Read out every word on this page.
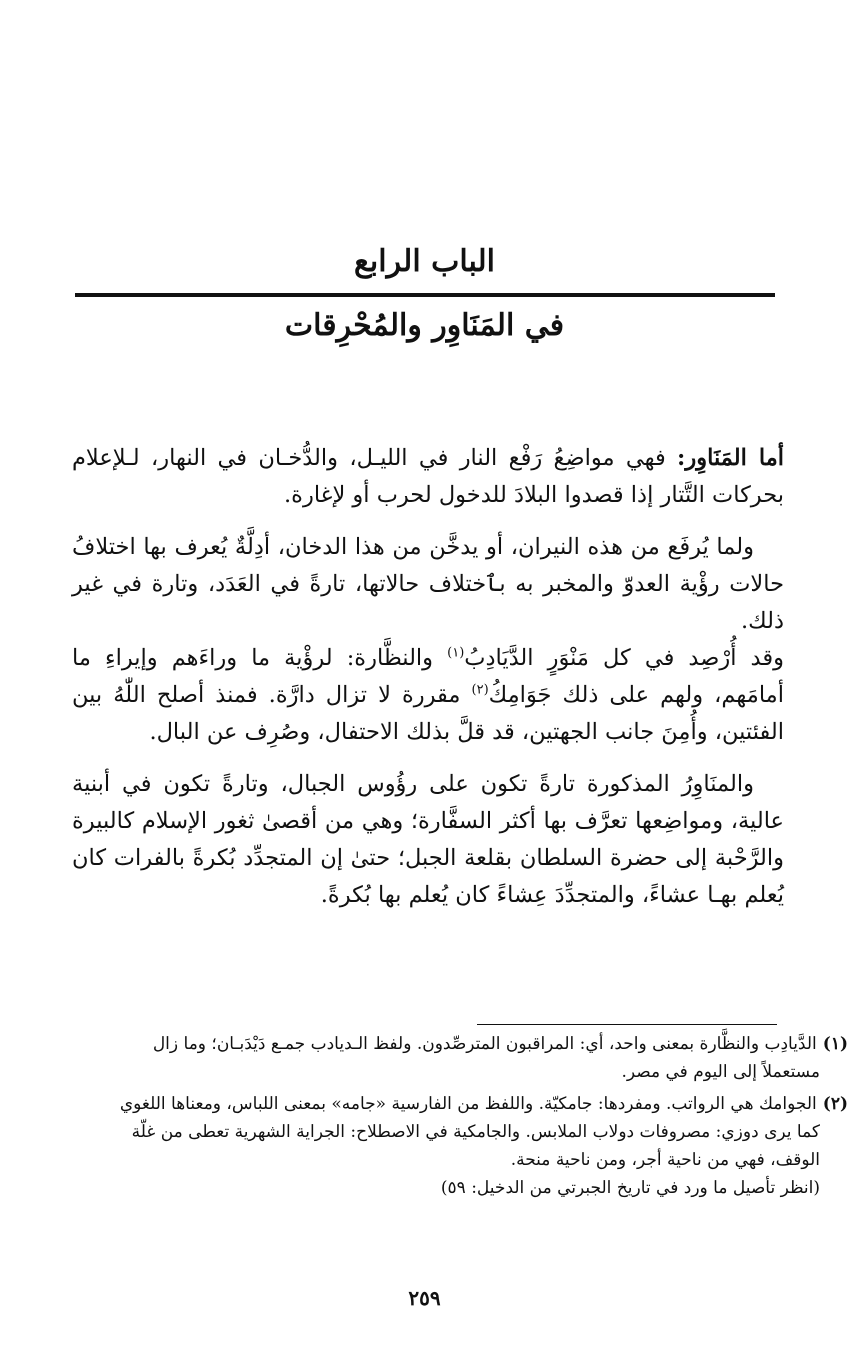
الباب الرابع
في المَنَاوِر والمُحْرِقات

أما المَنَاوِر: فهي مواضِعُ رَفْع النار في الليـل، والدُّخـان في النهار، لـلإعلام بحركات التَّتار إذا قصدوا البلادَ للدخول لحرب أو لإغارة.

ولما يُرفَع من هذه النيران، أو يدخَّن من هذا الدخان، أدِلَّةٌ يُعرف بها اختلافُ حالات رؤْية العدوّ والمخبر به بٱختلاف حالاتها، تارةً في العَدَد، وتارة في غير ذلك.

وقد أُرْصِد في كل مَنْوَرٍ الدَّيَادِبُ$^{(١)}$ والنظَّارة: لرؤْية ما وراءَهم وإيراءِ ما أمامَهم، ولهم على ذلك جَوَامِكُ$^{(٢)}$ مقررة لا تزال دارَّة. فمنذ أصلح اللّٰهُ بين الفئتين، وأُمِنَ جانب الجهتين، قد قلَّ بذلك الاحتفال، وصُرِف عن البال.

والمنَاوِرُ المذكورة تارةً تكون على رؤُوس الجبال، وتارةً تكون في أبنية عالية، ومواضِعها تعرَّف بها أكثر السفَّارة؛ وهي من أقصىٰ ثغور الإسلام كالبيرة والرَّحْبة إلى حضرة السلطان بقلعة الجبل؛ حتىٰ إن المتجدِّد بُكرةً بالفرات كان يُعلم بهـا عشاءً، والمتجدِّدَ عِشاءً كان يُعلم بها بُكرةً.

(١)الدَّيادِب والنظَّارة بمعنى واحد، أي: المراقبون المترصِّدون. ولفظ الـديادب جمـع دَيْدَبـان؛ وما زال
مستعملاً إلى اليوم في مصر.
(٢)الجوامك هي الرواتب. ومفردها: جامكيّة. واللفظ من الفارسية «جامه» بمعنى اللباس، ومعناها اللغوي
كما يرى دوزي: مصروفات دولاب الملابس. والجامكية في الاصطلاح: الجراية الشهرية تعطى من غلّة
الوقف، فهي من ناحية أجر، ومن ناحية منحة.
(انظر تأصيل ما ورد في تاريخ الجبرتي من الدخيل: ٥٩)
٢٥٩
